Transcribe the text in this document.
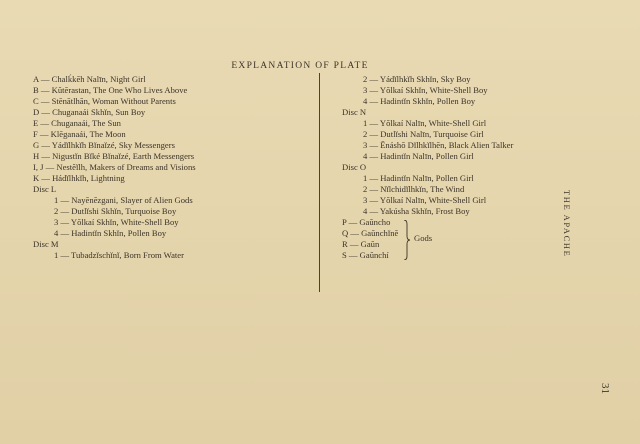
EXPLANATION OF PLATE
A — Chalḱkēh Nalīn, Night Girl
B — Kŭtērastan, The One Who Lives Above
C — Stēnātlhān, Woman Without Parents
D — Chuganaái Skhĭn, Sun Boy
E — Chuganaái, The Sun
F — Klēganaái, The Moon
G — Yádĭlhkĭh Bĭnaĭzé, Sky Messengers
H — Nigustĭn Bĭké Bĭnaĭzé, Earth Messengers
I, J — Nestĕĭlh, Makers of Dreams and Visions
K — Hádĭlhkĭh, Lightning
Disc L
1 — Nayēnēzgani, Slayer of Alien Gods
2 — Dutlĭshi Skhĭn, Turquoise Boy
3 — Yŏlkaí Skhĭn, White-Shell Boy
4 — Hadintĭn Skhĭn, Pollen Boy
Disc M
1 — Tubadzĭschĭnĭ, Born From Water
2 — Yádĭlhkĭh Skhĭn, Sky Boy
3 — Yŏlkaí Skhĭn, White-Shell Boy
4 — Hadintĭn Skhĭn, Pollen Boy
Disc N
1 — Yŏlkaí Nalīn, White-Shell Girl
2 — Dutlĭshi Nalīn, Turquoise Girl
3 — Ēnáshō Dĭlhkĭlhēn, Black Alien Talker
4 — Hadintĭn Nalīn, Pollen Girl
Disc O
1 — Hadintĭn Nalīn, Pollen Girl
2 — Nĭlchidĭlhkĭn, The Wind
3 — Yŏlkaí Nalīn, White-Shell Girl
4 — Yakúsha Skhĭn, Frost Boy
P — Gaŭncho
Q — Gaŭnchĭnĕ
R — Gaŭn
S — Gaŭnchí
Gods	THE APACHE
31
